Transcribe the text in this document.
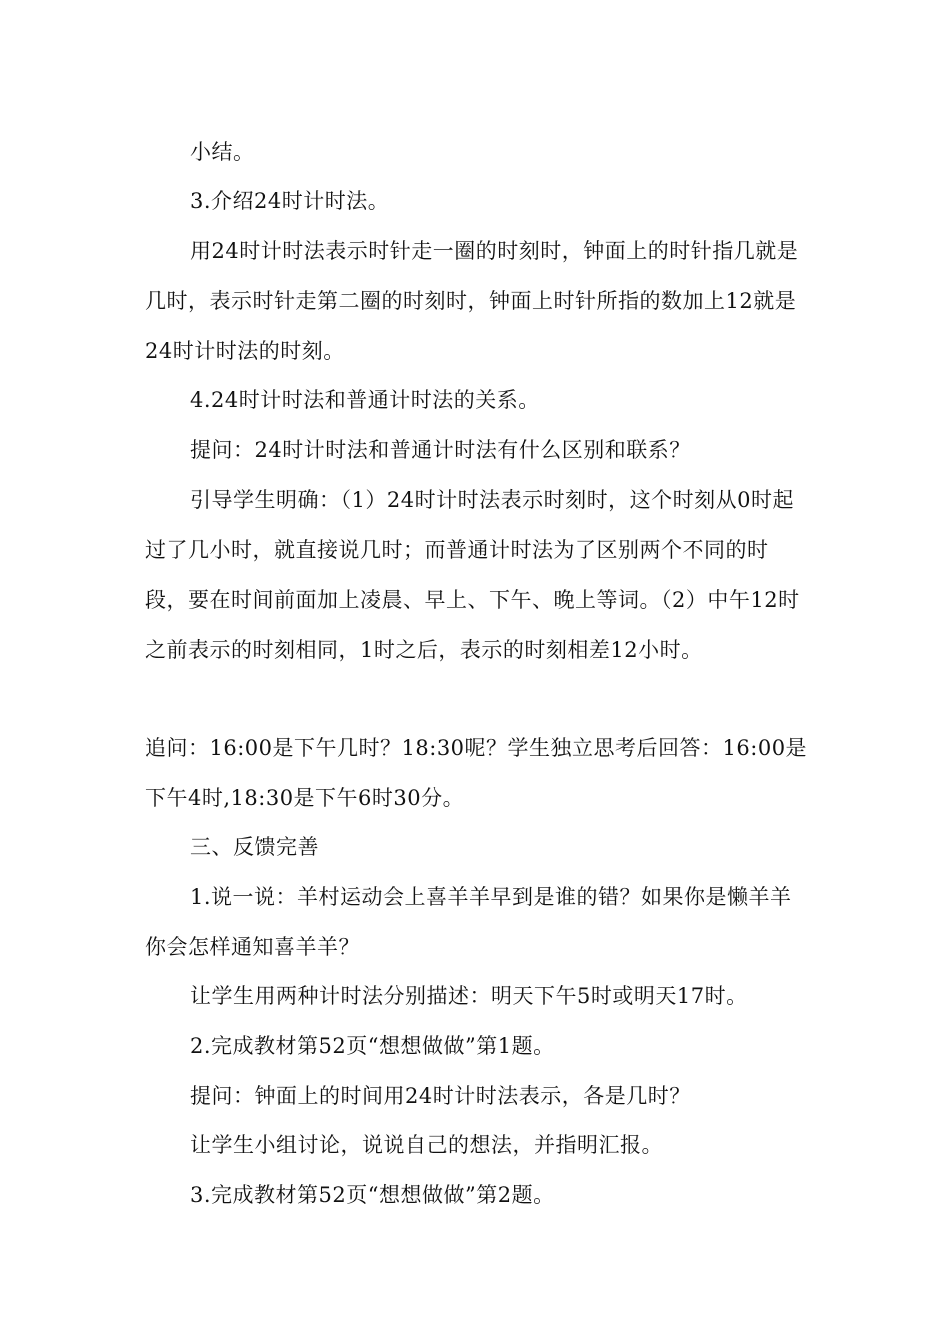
小结。

3.介绍24时计时法。

用24时计时法表示时针走一圈的时刻时，钟面上的时针指几就是几时，表示时针走第二圈的时刻时，钟面上时针所指的数加上12就是24时计时法的时刻。

4.24时计时法和普通计时法的关系。

提问：24时计时法和普通计时法有什么区别和联系？

引导学生明确：（1）24时计时法表示时刻时，这个时刻从0时起过了几小时，就直接说几时；而普通计时法为了区别两个不同的时段，要在时间前面加上凌晨、早上、下午、晚上等词。（2）中午12时之前表示的时刻相同，1时之后，表示的时刻相差12小时。

追问：16:00是下午几时？18:30呢？学生独立思考后回答：16:00是下午4时,18:30是下午6时30分。

三、反馈完善

1.说一说：羊村运动会上喜羊羊早到是谁的错？如果你是懒羊羊你会怎样通知喜羊羊？

让学生用两种计时法分别描述：明天下午5时或明天17时。

2.完成教材第52页“想想做做”第1题。

提问：钟面上的时间用24时计时法表示，各是几时？

让学生小组讨论，说说自己的想法，并指明汇报。

3.完成教材第52页“想想做做”第2题。
